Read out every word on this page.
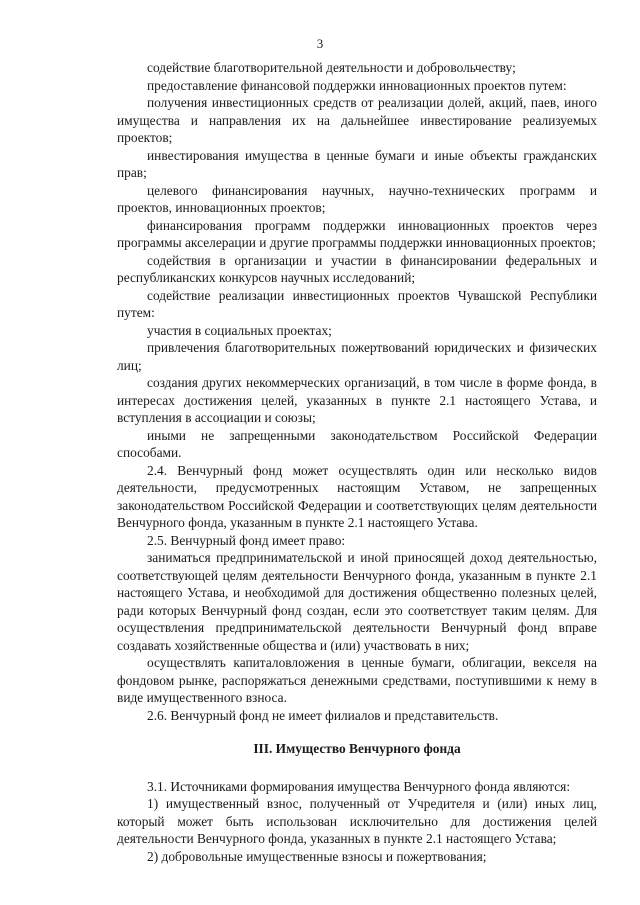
3

содействие благотворительной деятельности и добровольчеству;

предоставление финансовой поддержки инновационных проектов путем:

получения инвестиционных средств от реализации долей, акций, паев, иного имущества и направления их на дальнейшее инвестирование реализуемых проектов;

инвестирования имущества в ценные бумаги и иные объекты гражданских прав;

целевого финансирования научных, научно-технических программ и проектов, инновационных проектов;

финансирования программ поддержки инновационных проектов через программы акселерации и другие программы поддержки инновационных проектов;

содействия в организации и участии в финансировании федеральных и республиканских конкурсов научных исследований;

содействие реализации инвестиционных проектов Чувашской Республики путем:

участия в социальных проектах;

привлечения благотворительных пожертвований юридических и физических лиц;

создания других некоммерческих организаций, в том числе в форме фонда, в интересах достижения целей, указанных в пункте 2.1 настоящего Устава, и вступления в ассоциации и союзы;

иными не запрещенными законодательством Российской Федерации способами.

2.4. Венчурный фонд может осуществлять один или несколько видов деятельности, предусмотренных настоящим Уставом, не запрещенных законодательством Российской Федерации и соответствующих целям деятельности Венчурного фонда, указанным в пункте 2.1 настоящего Устава.

2.5. Венчурный фонд имеет право:

заниматься предпринимательской и иной приносящей доход деятельностью, соответствующей целям деятельности Венчурного фонда, указанным в пункте 2.1 настоящего Устава, и необходимой для достижения общественно полезных целей, ради которых Венчурный фонд создан, если это соответствует таким целям. Для осуществления предпринимательской деятельности Венчурный фонд вправе создавать хозяйственные общества и (или) участвовать в них;

осуществлять капиталовложения в ценные бумаги, облигации, векселя на фондовом рынке, распоряжаться денежными средствами, поступившими к нему в виде имущественного взноса.

2.6. Венчурный фонд не имеет филиалов и представительств.

III. Имущество Венчурного фонда

3.1. Источниками формирования имущества Венчурного фонда являются:

1) имущественный взнос, полученный от Учредителя и (или) иных лиц, который может быть использован исключительно для достижения целей деятельности Венчурного фонда, указанных в пункте 2.1 настоящего Устава;

2) добровольные имущественные взносы и пожертвования;
